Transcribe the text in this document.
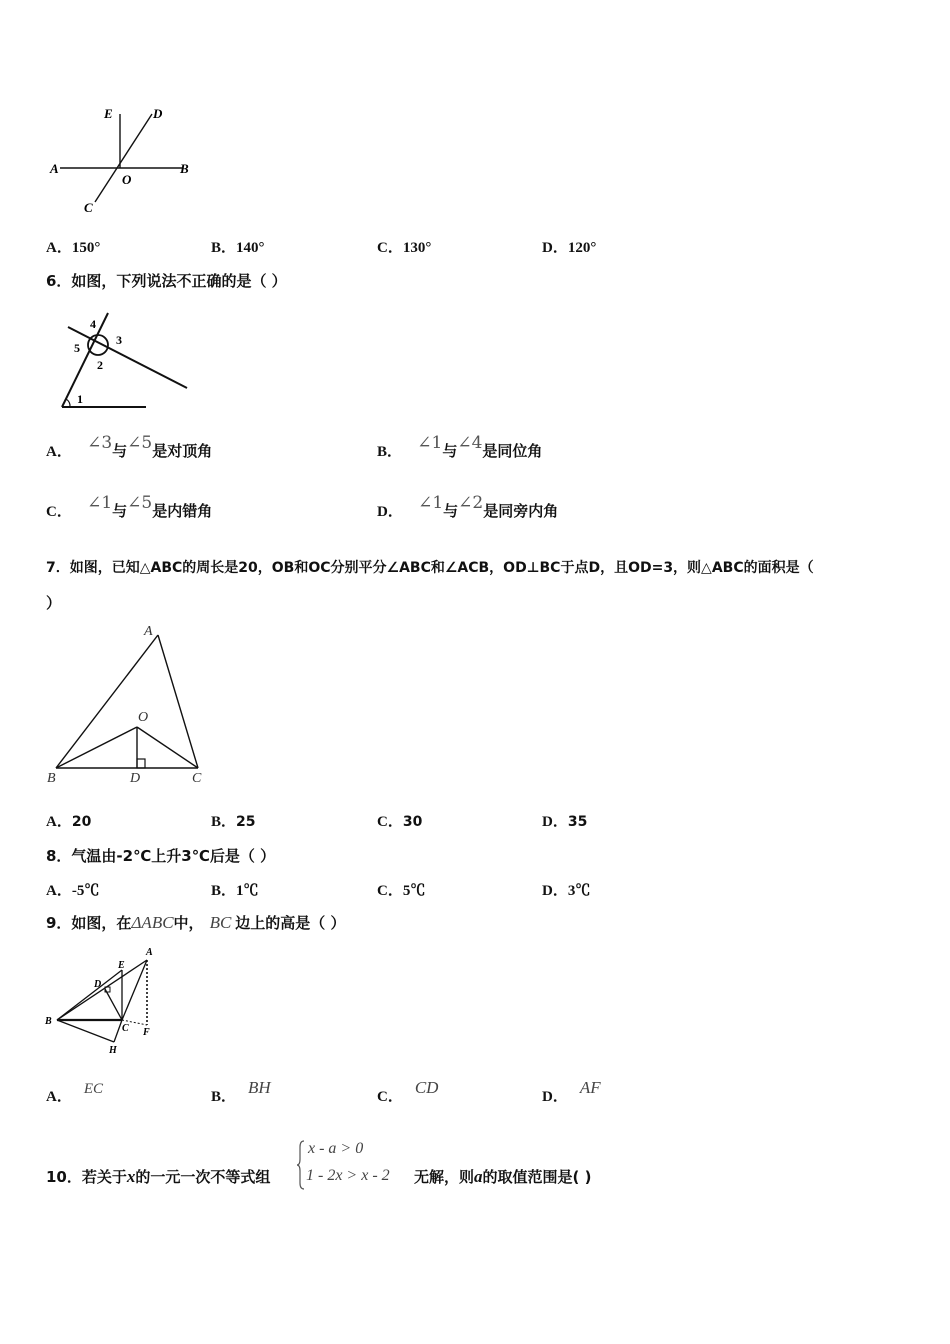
E	D
A
O
B
C
A．150°	B．140°	C．130°	D．120°
6．如图，下列说法不正确的是（ ）
4
5
3
2
1
A． ∠3与∠5是对顶角	B． ∠1与∠4是同位角
C． ∠1与∠5是内错角	D． ∠1与∠2是同旁内角
7．如图，已知△ABC的周长是20，OB和OC分别平分∠ABC和∠ACB，OD⊥BC于点D，且OD=3，则△ABC的面积是（
）
A
O
B	D	C
A．20	B．25	C．30	D．35
8．气温由-2℃上升3℃后是（ ）
A．-5℃	B．1℃	C．5℃	D．3℃
9．如图，在ΔABC中， BC 边上的高是（ ）
A
E
D
B
C F
H
A． EC	B． BH	C． CD	D． AF
10．若关于x的一元一次不等式组
x - a > 0
1 - 2x > x - 2 无解，则a的取值范围是( )
